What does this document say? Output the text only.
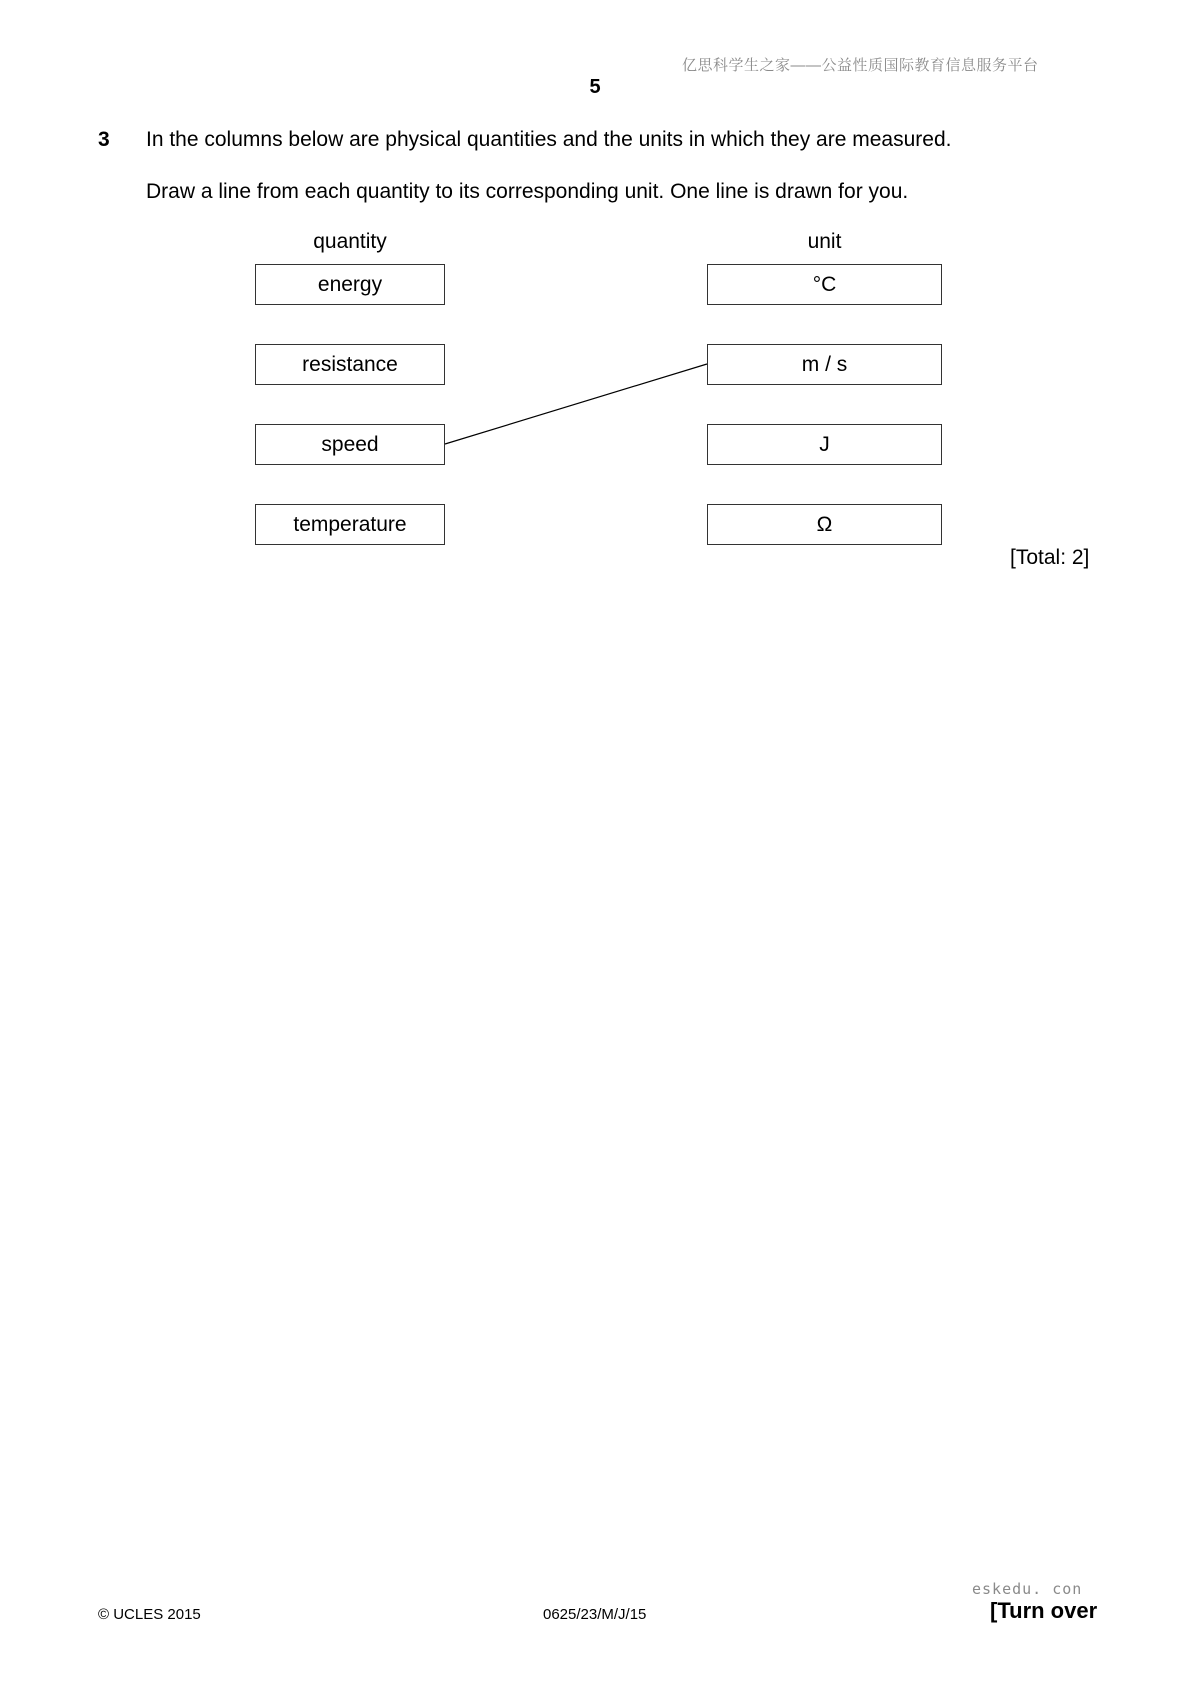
亿思科学生之家——公益性质国际教育信息服务平台
5
3 In the columns below are physical quantities and the units in which they are measured.
Draw a line from each quantity to its corresponding unit. One line is drawn for you.
quantity	unit
energy
resistance
speed
temperature
°C
m / s
J
Ω
[Total: 2]
© UCLES 2015	0625/23/M/J/15
eskedu. con
[Turn over
